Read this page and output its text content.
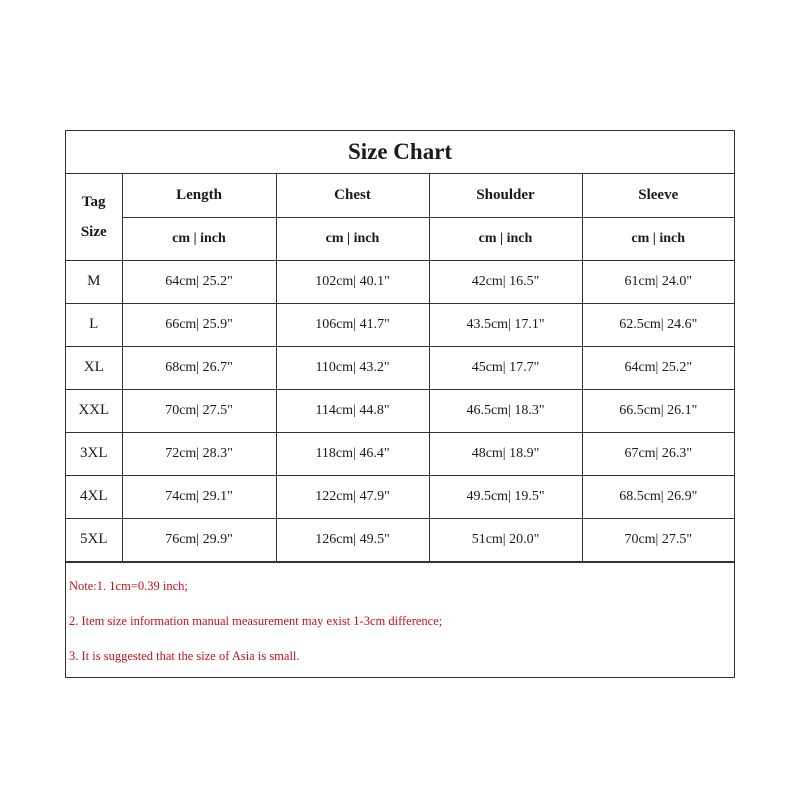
Size Chart
Tag
Size	Length	Chest	Shoulder	Sleeve
	cm | inch	cm | inch	cm | inch	cm | inch
M	64cm| 25.2"	102cm| 40.1"	42cm| 16.5"	61cm| 24.0"
L	66cm| 25.9"	106cm| 41.7"	43.5cm| 17.1"	62.5cm| 24.6"
XL	68cm| 26.7"	110cm| 43.2"	45cm| 17.7"	64cm| 25.2"
XXL	70cm| 27.5"	114cm| 44.8"	46.5cm| 18.3"	66.5cm| 26.1"
3XL	72cm| 28.3"	118cm| 46.4"	48cm| 18.9"	67cm| 26.3"
4XL	74cm| 29.1"	122cm| 47.9"	49.5cm| 19.5"	68.5cm| 26.9"
5XL	76cm| 29.9"	126cm| 49.5"	51cm| 20.0"	70cm| 27.5"
Note:1. 1cm=0.39 inch;
2. Item size information manual measurement may exist 1-3cm difference;
3. It is suggested that the size of Asia is small.
